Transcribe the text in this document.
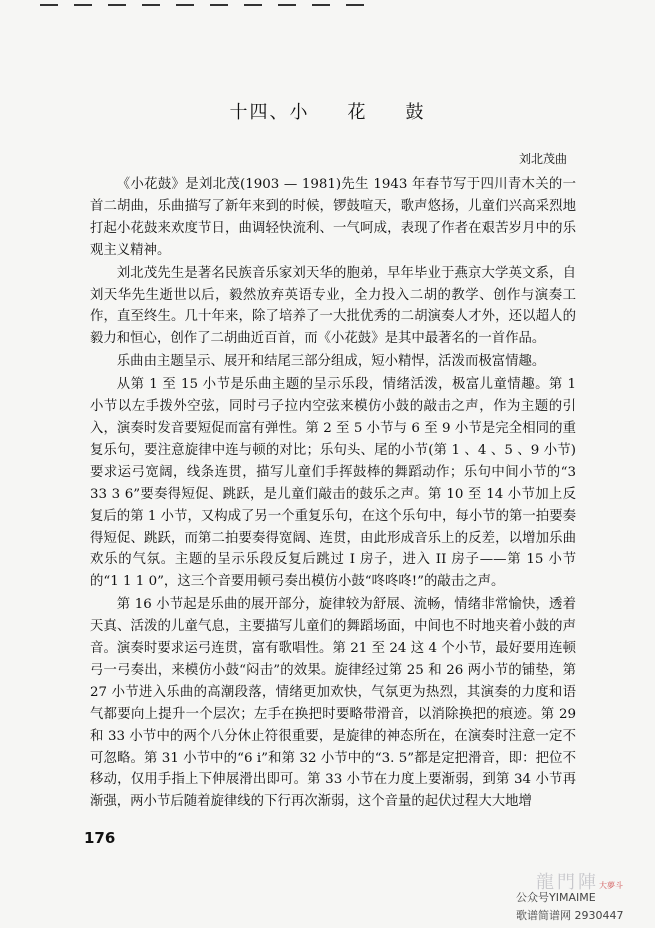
十四、小 花 鼓
刘北茂曲

《小花鼓》是刘北茂(1903 — 1981)先生 1943 年春节写于四川青木关的一首二胡曲，乐曲描写了新年来到的时候，锣鼓喧天，歌声悠扬，儿童们兴高采烈地打起小花鼓来欢度节日，曲调轻快流利、一气呵成，表现了作者在艰苦岁月中的乐观主义精神。

刘北茂先生是著名民族音乐家刘天华的胞弟，早年毕业于燕京大学英文系，自刘天华先生逝世以后，毅然放弃英语专业，全力投入二胡的教学、创作与演奏工作，直至终生。几十年来，除了培养了一大批优秀的二胡演奏人才外，还以超人的毅力和恒心，创作了二胡曲近百首，而《小花鼓》是其中最著名的一首作品。

乐曲由主题呈示、展开和结尾三部分组成，短小精悍，活泼而极富情趣。

从第 1 至 15 小节是乐曲主题的呈示乐段，情绪活泼，极富儿童情趣。第 1 小节以左手拨外空弦，同时弓子拉内空弦来模仿小鼓的敲击之声，作为主题的引入，演奏时发音要短促而富有弹性。第 2 至 5 小节与 6 至 9 小节是完全相同的重复乐句，要注意旋律中连与顿的对比；乐句头、尾的小节(第 1 、4 、5 、9 小节)要求运弓宽阔，线条连贯，描写儿童们手挥鼓棒的舞蹈动作；乐句中间小节的“3 33 3 6”要奏得短促、跳跃，是儿童们敲击的鼓乐之声。第 10 至 14 小节加上反复后的第 1 小节，又构成了另一个重复乐句，在这个乐句中，每小节的第一拍要奏得短促、跳跃，而第二拍要奏得宽阔、连贯，由此形成音乐上的反差，以增加乐曲欢乐的气氛。主题的呈示乐段反复后跳过 I 房子，进入 II 房子——第 15 小节的“1 1 1 0”，这三个音要用顿弓奏出模仿小鼓“咚咚咚!”的敲击之声。

第 16 小节起是乐曲的展开部分，旋律较为舒展、流畅，情绪非常愉快，透着天真、活泼的儿童气息，主要描写儿童们的舞蹈场面，中间也不时地夹着小鼓的声音。演奏时要求运弓连贯，富有歌唱性。第 21 至 24 这 4 个小节，最好要用连顿弓一弓奏出，来模仿小鼓“闷击”的效果。旋律经过第 25 和 26 两小节的铺垫，第 27 小节进入乐曲的高潮段落，情绪更加欢快，气氛更为热烈，其演奏的力度和语气都要向上提升一个层次；左手在换把时要略带滑音，以消除换把的痕迹。第 29 和 33 小节中的两个八分休止符很重要，是旋律的神态所在，在演奏时注意一定不可忽略。第 31 小节中的“6 i”和第 32 小节中的“3. 5”都是定把滑音，即：把位不移动，仅用手指上下伸展滑出即可。第 33 小节在力度上要渐弱，到第 34 小节再渐强，两小节后随着旋律线的下行再次渐弱，这个音量的起伏过程大大地增

176
龍門陣大夢斗
公众号YIMAIME
歌谱简谱网 2930447
